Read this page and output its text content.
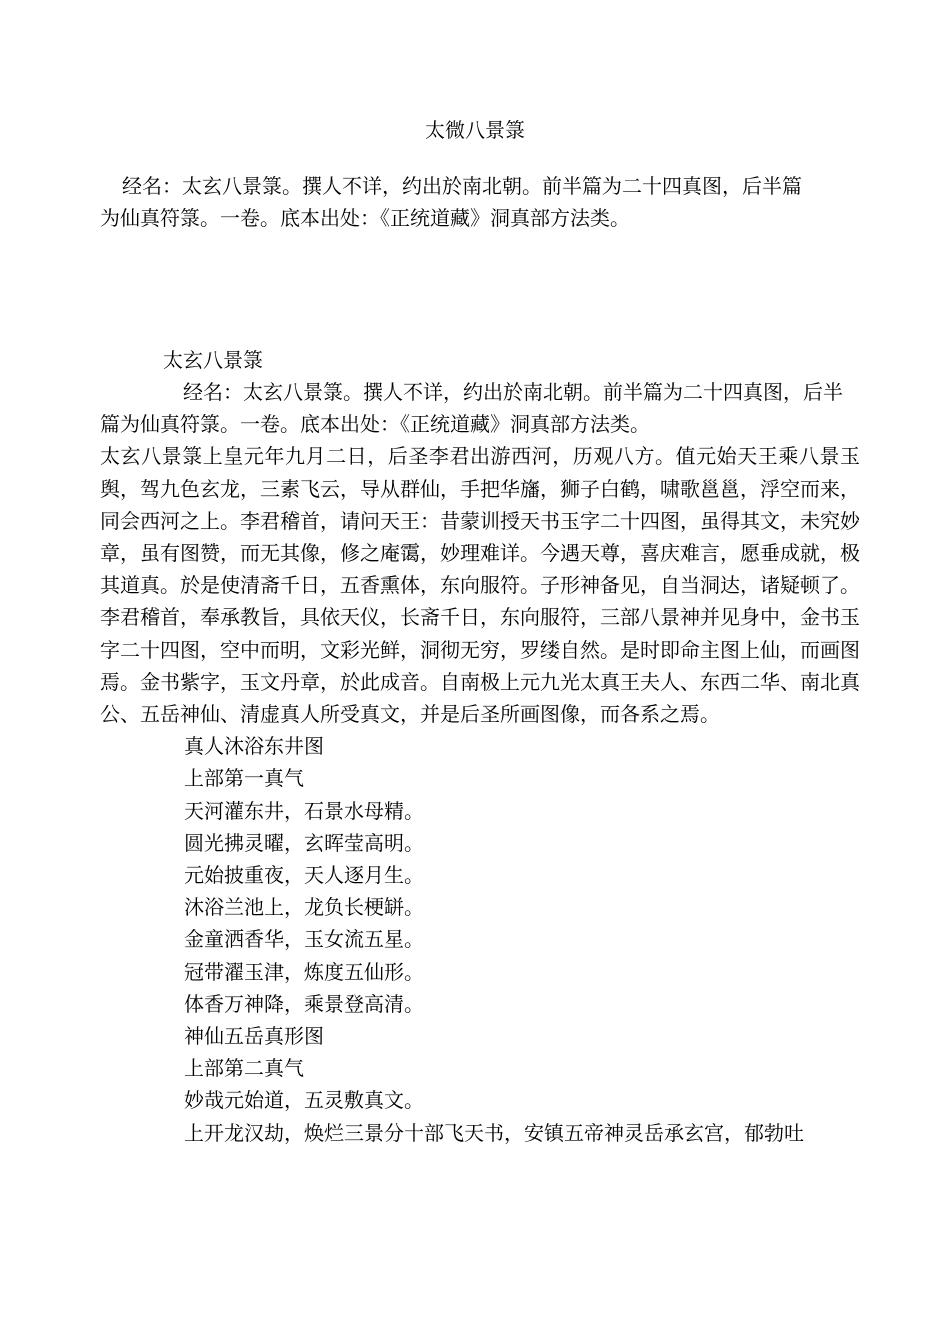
太微八景箓
经名：太玄八景箓。撰人不详，约出於南北朝。前半篇为二十四真图，后半篇为仙真符箓。一卷。底本出处：《正统道藏》洞真部方法类。
太玄八景箓
经名：太玄八景箓。撰人不详，约出於南北朝。前半篇为二十四真图，后半篇为仙真符箓。一卷。底本出处：《正统道藏》洞真部方法类。
太玄八景箓上皇元年九月二日，后圣李君出游西河，历观八方。值元始天王乘八景玉舆，驾九色玄龙，三素飞云，导从群仙，手把华旛，狮子白鹤，啸歌邕邕，浮空而来，同会西河之上。李君稽首，请问天王：昔蒙训授天书玉字二十四图，虽得其文，未究妙章，虽有图赞，而无其像，修之庵霭，妙理难详。今遇天尊，喜庆难言，愿垂成就，极其道真。於是使清斋千日，五香熏体，东向服符。子形神备见，自当洞达，诸疑顿了。李君稽首，奉承教旨，具依天仪，长斋千日，东向服符，三部八景神并见身中，金书玉字二十四图，空中而明，文彩光鲜，洞彻无穷，罗缕自然。是时即命主图上仙，而画图焉。金书紫字，玉文丹章，於此成音。自南极上元九光太真王夫人、东西二华、南北真公、五岳神仙、清虚真人所受真文，并是后圣所画图像，而各系之焉。
真人沐浴东井图
上部第一真气
天河灌东井，石景水母精。
圆光拂灵曜，玄晖莹高明。
元始披重夜，天人逐月生。
沐浴兰池上，龙负长梗缾。
金童洒香华，玉女流五星。
冠带濯玉津，炼度五仙形。
体香万神降，乘景登高清。
神仙五岳真形图
上部第二真气
妙哉元始道，五灵敷真文。
上开龙汉劫，焕烂三景分十部飞天书，安镇五帝神灵岳承玄宫，郁勃吐
